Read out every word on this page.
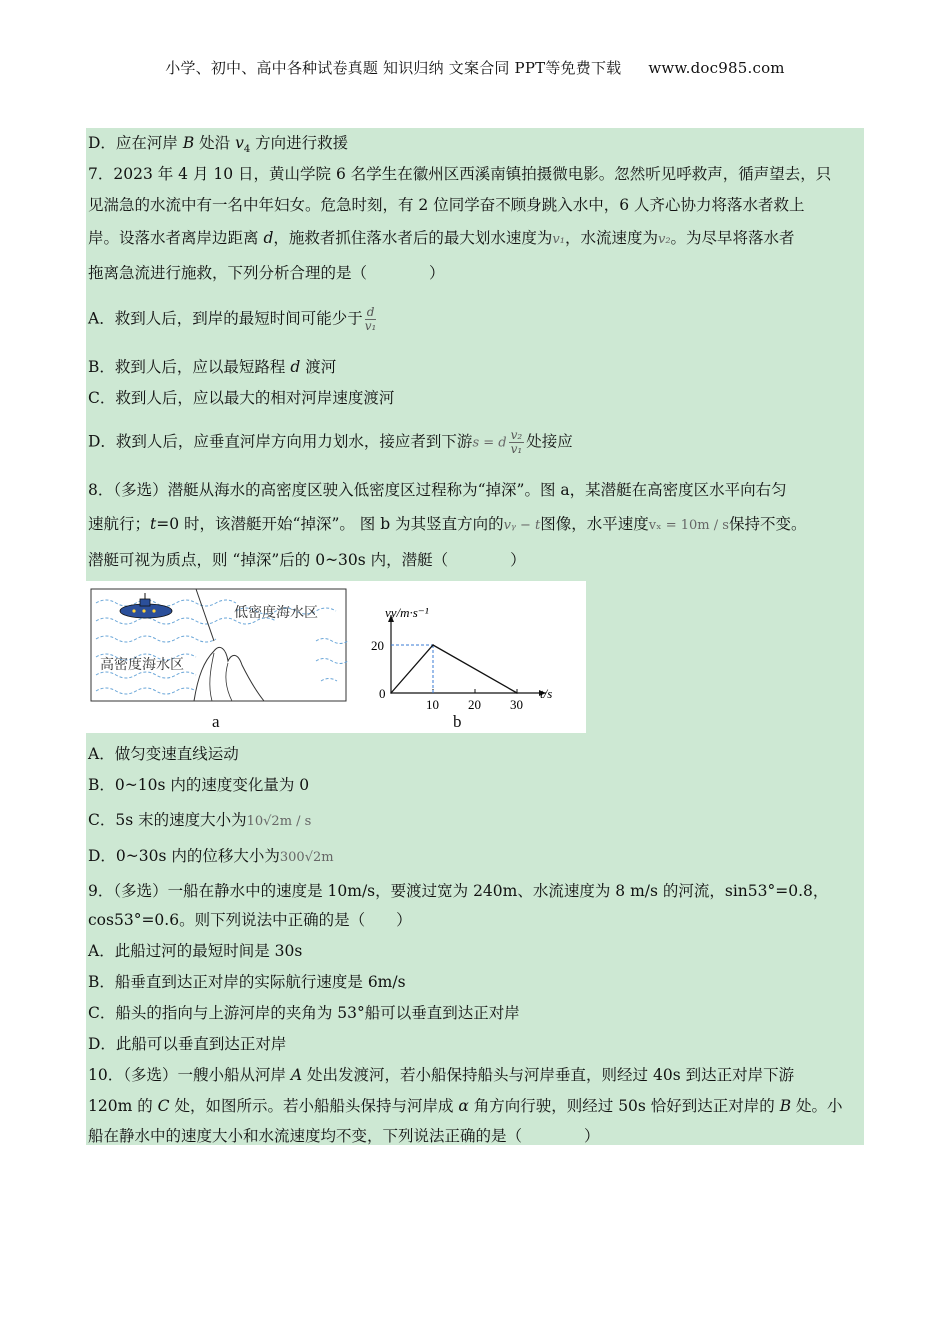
小学、初中、高中各种试卷真题 知识归纳 文案合同 PPT等免费下载 www.doc985.com
D．应在河岸 B 处沿 $v_4$ 方向进行救援
7．2023 年 4 月 10 日，黄山学院 6 名学生在徽州区西溪南镇拍摄微电影。忽然听见呼救声，循声望去，只
见湍急的水流中有一名中年妇女。危急时刻，有 2 位同学奋不顾身跳入水中，6 人齐心协力将落水者救上
岸。设落水者离岸边距离 d，施救者抓住落水者后的最大划水速度为v₁，水流速度为v₂。为尽早将落水者
拖离急流进行施救，下列分析合理的是（　　　　）
A．救到人后，到岸的最短时间可能少于 $\frac{d}{\text{v₁}}$
B．救到人后，应以最短路程 d 渡河
C．救到人后，应以最大的相对河岸速度渡河
D．救到人后，应垂直河岸方向用力划水，接应者到下游s = d $\frac{\text{v₂}}{\text{v₁}}$ 处接应
8．（多选）潜艇从海水的高密度区驶入低密度区过程称为“掉深”。图 a，某潜艇在高密度区水平向右匀
速航行；t=0 时，该潜艇开始“掉深”。 图 b 为其竖直方向的vᵧ − t图像，水平速度vₓ = 10m / s保持不变。
潜艇可视为质点，则 “掉深”后的 0~30s 内，潜艇（　　　　）
低密度海水区
高密度海水区
a
vy/m·s⁻¹
t/s
0
10 20 30
20
b
A．做匀变速直线运动
B．0~10s 内的速度变化量为 0
C．5s 末的速度大小为10√2m / s
D．0~30s 内的位移大小为300√2m
9．（多选）一船在静水中的速度是 10m/s，要渡过宽为 240m、水流速度为 8 m/s 的河流，sin53°=0.8，
cos53°=0.6。则下列说法中正确的是（　　）
A．此船过河的最短时间是 30s
B．船垂直到达正对岸的实际航行速度是 6m/s
C．船头的指向与上游河岸的夹角为 53°船可以垂直到达正对岸
D．此船可以垂直到达正对岸
10．（多选）一艘小船从河岸 A 处出发渡河，若小船保持船头与河岸垂直，则经过 40s 到达正对岸下游
120m 的 C 处，如图所示。若小船船头保持与河岸成 α 角方向行驶，则经过 50s 恰好到达正对岸的 B 处。小
船在静水中的速度大小和水流速度均不变，下列说法正确的是（　　　　）
